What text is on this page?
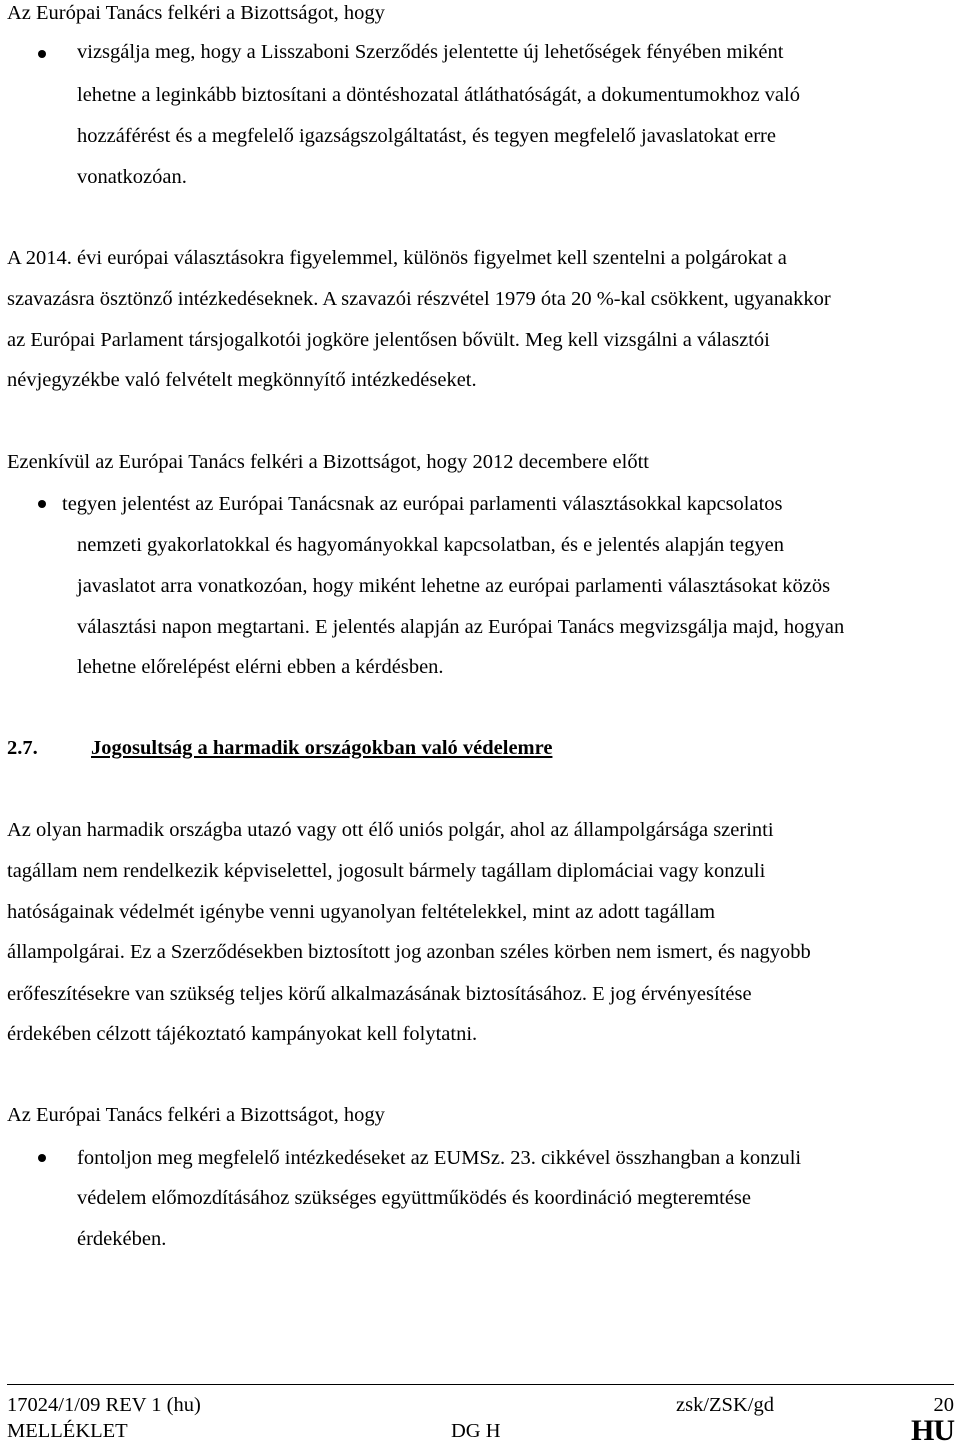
Az Európai Tanács felkéri a Bizottságot, hogy
vizsgálja meg, hogy a Lisszaboni Szerződés jelentette új lehetőségek fényében miként
lehetne a leginkább biztosítani a döntéshozatal átláthatóságát, a dokumentumokhoz való
hozzáférést és a megfelelő igazságszolgáltatást, és tegyen megfelelő javaslatokat erre
vonatkozóan.
A 2014. évi európai választásokra figyelemmel, különös figyelmet kell szentelni a polgárokat a
szavazásra ösztönző intézkedéseknek. A szavazói részvétel 1979 óta 20 %-kal csökkent, ugyanakkor
az Európai Parlament társjogalkotói jogköre jelentősen bővült. Meg kell vizsgálni a választói
névjegyzékbe való felvételt megkönnyítő intézkedéseket.
Ezenkívül az Európai Tanács felkéri a Bizottságot, hogy 2012 decembere előtt
tegyen jelentést az Európai Tanácsnak az európai parlamenti választásokkal kapcsolatos
nemzeti gyakorlatokkal és hagyományokkal kapcsolatban, és e jelentés alapján tegyen
javaslatot arra vonatkozóan, hogy miként lehetne az európai parlamenti választásokat közös
választási napon megtartani. E jelentés alapján az Európai Tanács megvizsgálja majd, hogyan
lehetne előrelépést elérni ebben a kérdésben.
2.7.	Jogosultság a harmadik országokban való védelemre
Az olyan harmadik országba utazó vagy ott élő uniós polgár, ahol az állampolgársága szerinti
tagállam nem rendelkezik képviselettel, jogosult bármely tagállam diplomáciai vagy konzuli
hatóságainak védelmét igénybe venni ugyanolyan feltételekkel, mint az adott tagállam
állampolgárai. Ez a Szerződésekben biztosított jog azonban széles körben nem ismert, és nagyobb
erőfeszítésekre van szükség teljes körű alkalmazásának biztosításához. E jog érvényesítése
érdekében célzott tájékoztató kampányokat kell folytatni.
Az Európai Tanács felkéri a Bizottságot, hogy
fontoljon meg megfelelő intézkedéseket az EUMSz. 23. cikkével összhangban a konzuli
védelem előmozdításához szükséges együttműködés és koordináció megteremtése
érdekében.
17024/1/09 REV 1 (hu)	zsk/ZSK/gd	20
MELLÉKLET	DG H	HU
